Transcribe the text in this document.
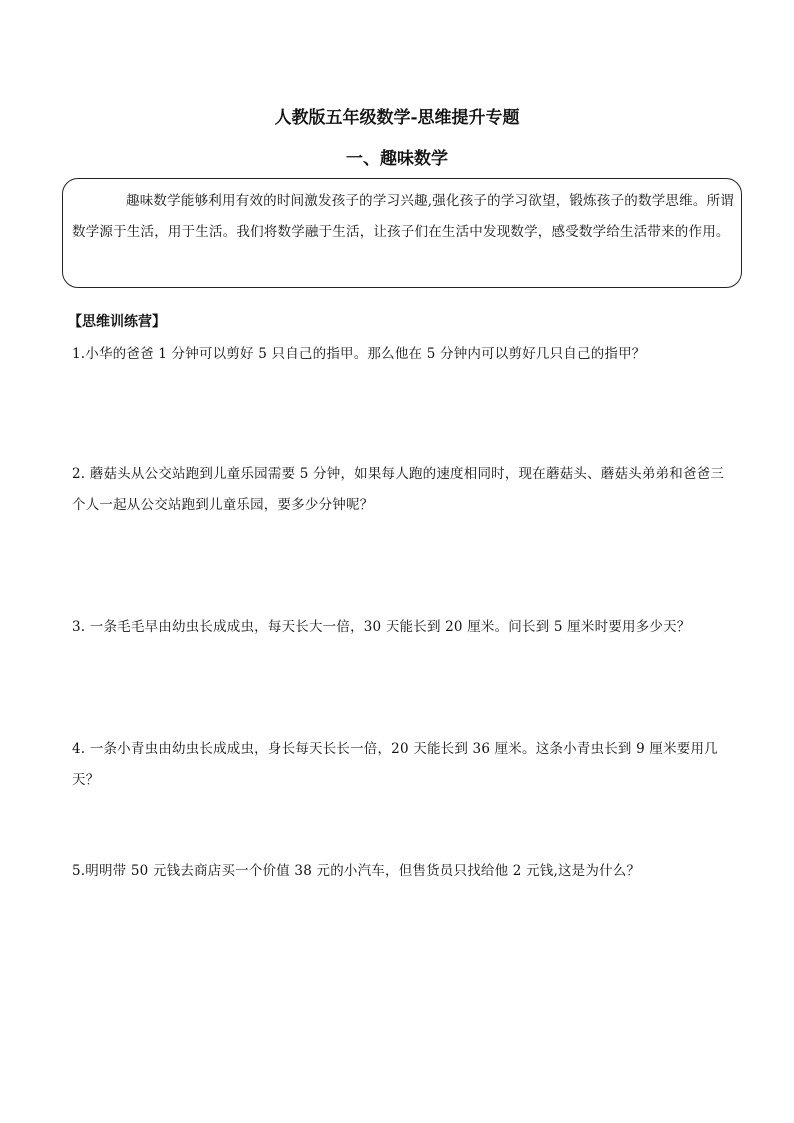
人教版五年级数学-思维提升专题
一、趣味数学
趣味数学能够利用有效的时间激发孩子的学习兴趣,强化孩子的学习欲望，锻炼孩子的数学思维。所谓数学源于生活，用于生活。我们将数学融于生活，让孩子们在生活中发现数学，感受数学给生活带来的作用。
【思维训练营】
1.小华的爸爸 1 分钟可以剪好 5 只自己的指甲。那么他在 5 分钟内可以剪好几只自己的指甲？
2. 蘑菇头从公交站跑到儿童乐园需要 5 分钟，如果每人跑的速度相同时，现在蘑菇头、蘑菇头弟弟和爸爸三个人一起从公交站跑到儿童乐园，要多少分钟呢？
3. 一条毛毛早由幼虫长成成虫，每天长大一倍，30 天能长到 20 厘米。问长到 5 厘米时要用多少天？
4. 一条小青虫由幼虫长成成虫，身长每天长长一倍，20 天能长到 36 厘米。这条小青虫长到 9 厘米要用几天？
5.明明带 50 元钱去商店买一个价值 38 元的小汽车，但售货员只找给他 2 元钱,这是为什么？
